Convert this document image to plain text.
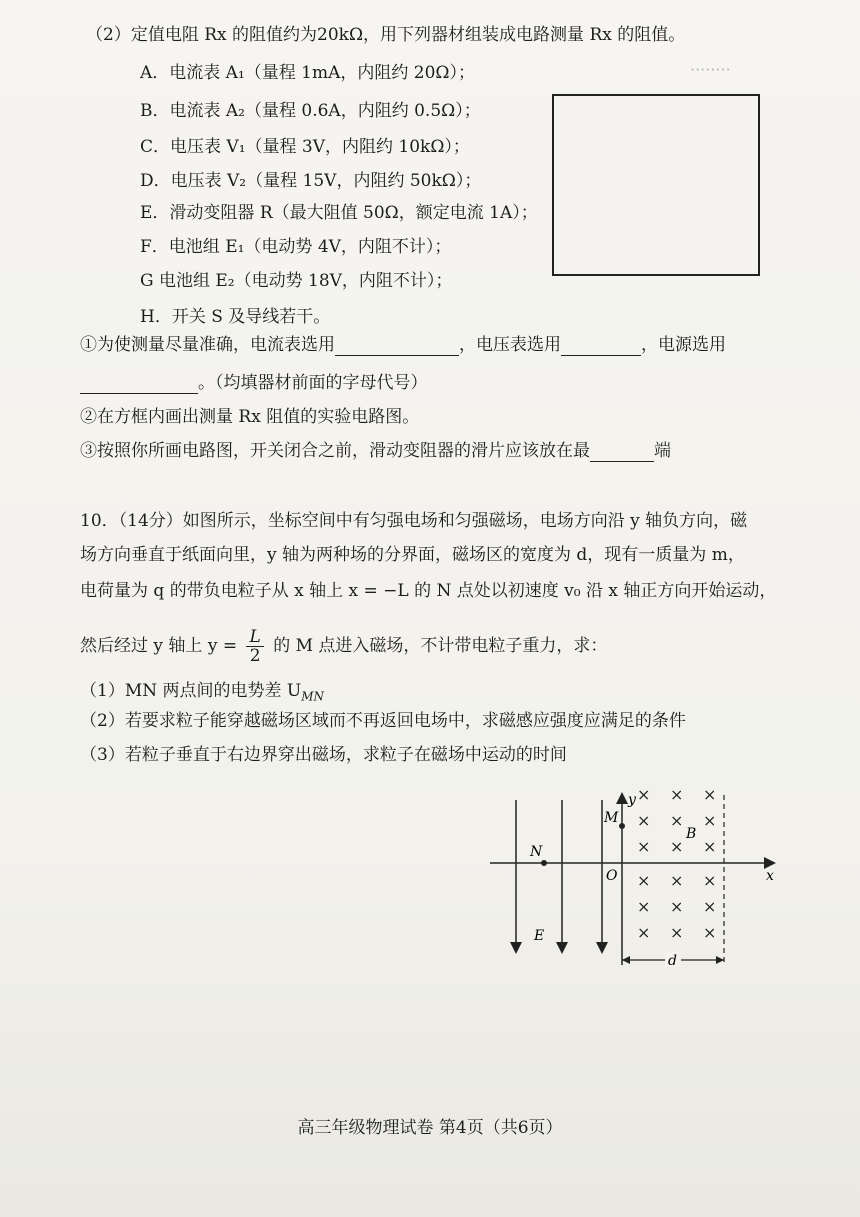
········
（2）定值电阻 Rx 的阻值约为20kΩ，用下列器材组装成电路测量 Rx 的阻值。
A．电流表 A₁（量程 1mA，内阻约 20Ω）；
B．电流表 A₂（量程 0.6A，内阻约 0.5Ω）；
C．电压表 V₁（量程 3V，内阻约 10kΩ）；
D．电压表 V₂（量程 15V，内阻约 50kΩ）；
E．滑动变阻器 R（最大阻值 50Ω，额定电流 1A）；
F．电池组 E₁（电动势 4V，内阻不计）；
G 电池组 E₂（电动势 18V，内阻不计）；
H．开关 S 及导线若干。
①为使测量尽量准确，电流表选用	，电压表选用	，电源选用
。（均填器材前面的字母代号）
②在方框内画出测量 Rx 阻值的实验电路图。
③按照你所画电路图，开关闭合之前，滑动变阻器的滑片应该放在最	端
10．（14分）如图所示，坐标空间中有匀强电场和匀强磁场，电场方向沿 y 轴负方向，磁
场方向垂直于纸面向里，y 轴为两种场的分界面，磁场区的宽度为 d，现有一质量为 m，
电荷量为 q 的带负电粒子从 x 轴上 x = −L 的 N 点处以初速度 v₀ 沿 x 轴正方向开始运动，
然后经过 y 轴上 $y = \frac{L}{2}$ 的 M 点进入磁场，不计带电粒子重力，求：
（1）MN 两点间的电势差 $U_{MN}$
（2）若要求粒子能穿越磁场区域而不再返回电场中，求磁感应强度应满足的条件
（3）若粒子垂直于右边界穿出磁场，求粒子在磁场中运动的时间
x
y
E
N
M
O
B
× × ×
× × ×
× × ×
× × ×
× × ×
× × ×
d
高三年级物理试卷 第4页（共6页）
